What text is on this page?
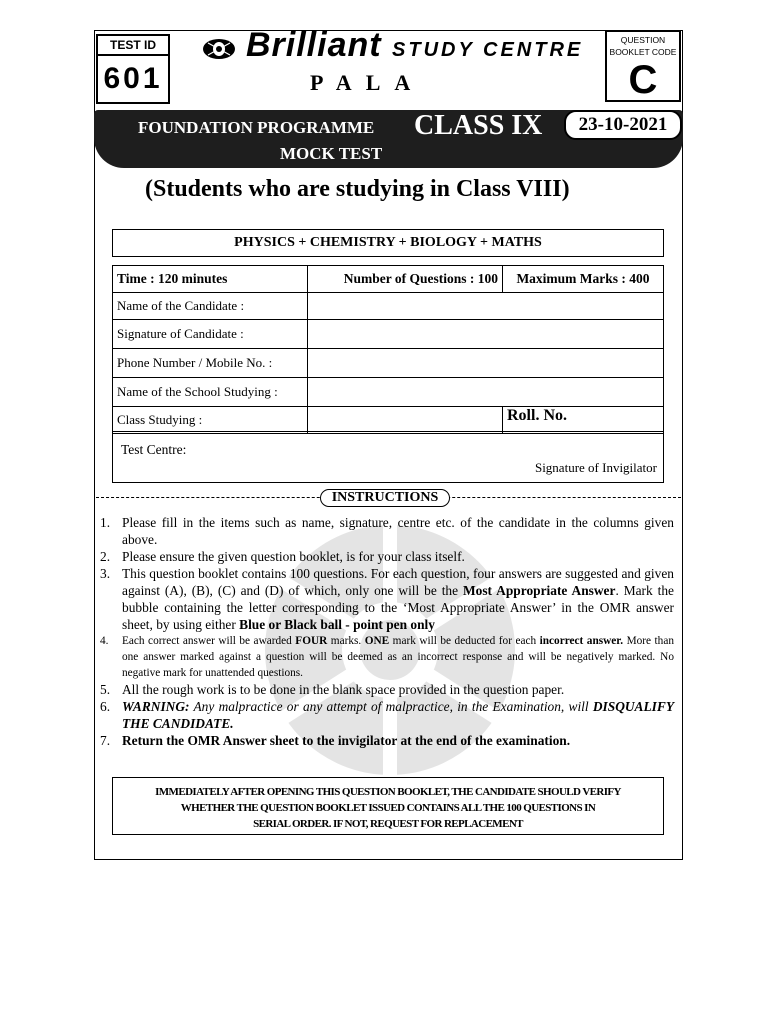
TEST ID
601
Brilliant STUDY CENTRE
PALA
QUESTION
BOOKLET CODE
C
FOUNDATION PROGRAMME CLASS IX
MOCK TEST
23-10-2021
(Students who are studying in Class VIII)
PHYSICS + CHEMISTRY + BIOLOGY + MATHS
Time : 120 minutes	Number of Questions : 100	Maximum Marks : 400
Name of the Candidate :		
Signature of Candidate :		
Phone Number / Mobile No. :		
Name of the School Studying :		
Class Studying :		Roll. No.
Test Centre:
Signature of Invigilator
INSTRUCTIONS
1. Please fill in the items such as name, signature, centre etc. of the candidate in the columns given above.
2. Please ensure the given question booklet, is for your class itself.
3. This question booklet contains 100 questions. For each question, four answers are suggested and given against (A), (B), (C) and (D) of which, only one will be the Most Appropriate Answer. Mark the bubble containing the letter corresponding to the ‘Most Appropriate Answer’ in the OMR answer sheet, by using either Blue or Black ball - point pen only
4. Each correct answer will be awarded FOUR marks. ONE mark will be deducted for each incorrect answer. More than one answer marked against a question will be deemed as an incorrect response and will be negatively marked. No negative mark for unattended questions.
5. All the rough work is to be done in the blank space provided in the question paper.
6. WARNING: Any malpractice or any attempt of malpractice, in the Examination, will DISQUALIFY THE CANDIDATE.
7. Return the OMR Answer sheet to the invigilator at the end of the examination.
IMMEDIATELY AFTER OPENING THIS QUESTION BOOKLET, THE CANDIDATE SHOULD VERIFY
WHETHER THE QUESTION BOOKLET ISSUED CONTAINS ALL THE 100 QUESTIONS IN
SERIAL ORDER. IF NOT, REQUEST FOR REPLACEMENT
